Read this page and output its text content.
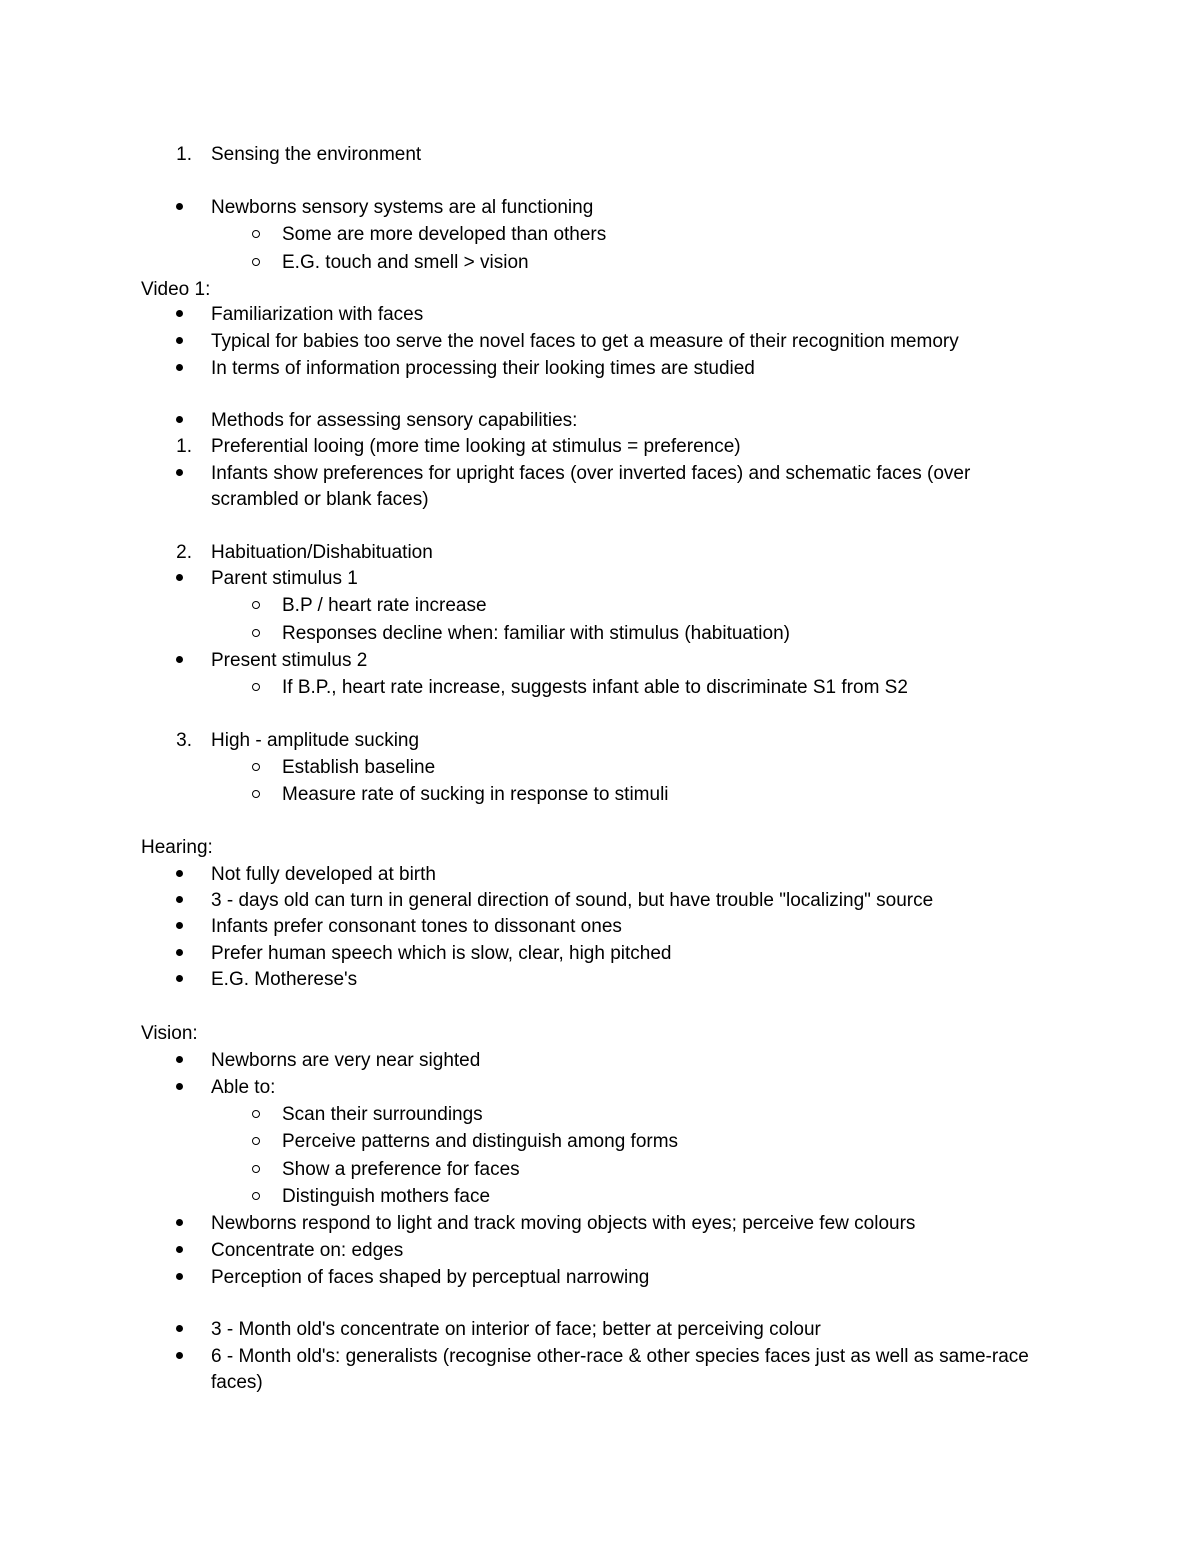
Sensing the environment
1.
Newborns sensory systems are al functioning
Some are more developed than others
E.G. touch and smell > vision
Video 1:
Familiarization with faces
Typical for babies too serve the novel faces to get a measure of their recognition memory
In terms of information processing their looking times are studied
Methods for assessing sensory capabilities:
Preferential looing (more time looking at stimulus = preference)
1.
Infants show preferences for upright faces (over inverted faces) and schematic faces (over
scrambled or blank faces)
Habituation/Dishabituation
2.
Parent stimulus 1
B.P / heart rate increase
Responses decline when: familiar with stimulus (habituation)
Present stimulus 2
If B.P., heart rate increase, suggests infant able to discriminate S1 from S2
High - amplitude sucking
3.
Establish baseline
Measure rate of sucking in response to stimuli
Hearing:
Not fully developed at birth
3 - days old can turn in general direction of sound, but have trouble "localizing" source
Infants prefer consonant tones to dissonant ones
Prefer human speech which is slow, clear, high pitched
E.G. Motherese's
Vision:
Newborns are very near sighted
Able to:
Scan their surroundings
Perceive patterns and distinguish among forms
Show a preference for faces
Distinguish mothers face
Newborns respond to light and track moving objects with eyes; perceive few colours
Concentrate on: edges
Perception of faces shaped by perceptual narrowing
3 - Month old's concentrate on interior of face; better at perceiving colour
6 - Month old's: generalists (recognise other-race & other species faces just as well as same-race
faces)
